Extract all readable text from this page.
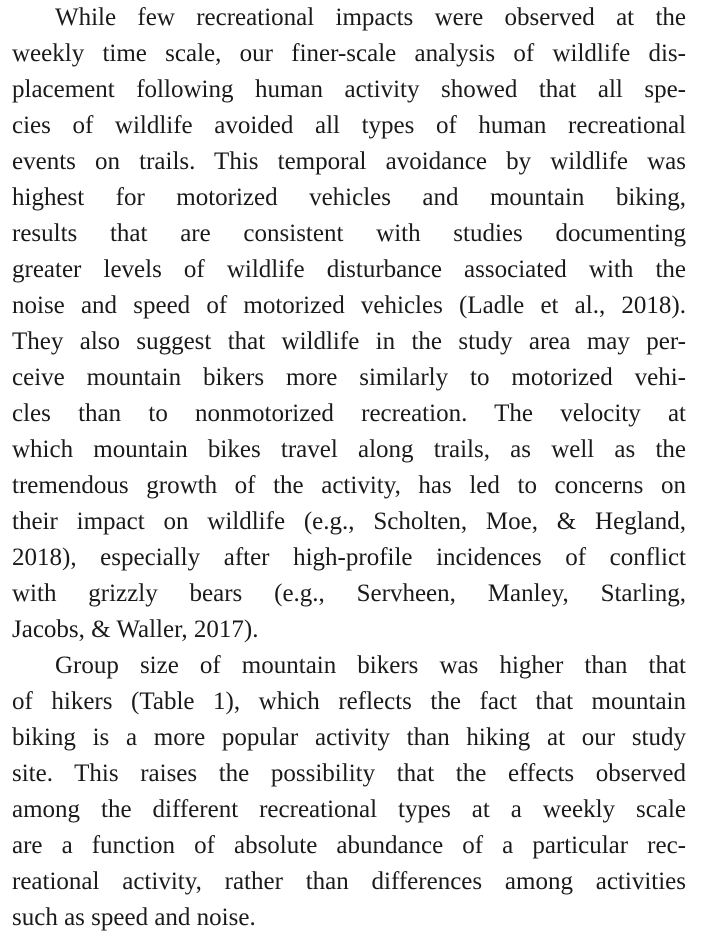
While few recreational impacts were observed at the
weekly time scale, our finer-scale analysis of wildlife dis-
placement following human activity showed that all spe-
cies of wildlife avoided all types of human recreational
events on trails. This temporal avoidance by wildlife was
highest for motorized vehicles and mountain biking,
results that are consistent with studies documenting
greater levels of wildlife disturbance associated with the
noise and speed of motorized vehicles (Ladle et al., 2018).
They also suggest that wildlife in the study area may per-
ceive mountain bikers more similarly to motorized vehi-
cles than to nonmotorized recreation. The velocity at
which mountain bikes travel along trails, as well as the
tremendous growth of the activity, has led to concerns on
their impact on wildlife (e.g., Scholten, Moe, & Hegland,
2018), especially after high-profile incidences of conflict
with grizzly bears (e.g., Servheen, Manley, Starling,
Jacobs, & Waller, 2017).
Group size of mountain bikers was higher than that
of hikers (Table 1), which reflects the fact that mountain
biking is a more popular activity than hiking at our study
site. This raises the possibility that the effects observed
among the different recreational types at a weekly scale
are a function of absolute abundance of a particular rec-
reational activity, rather than differences among activities
such as speed and noise.
